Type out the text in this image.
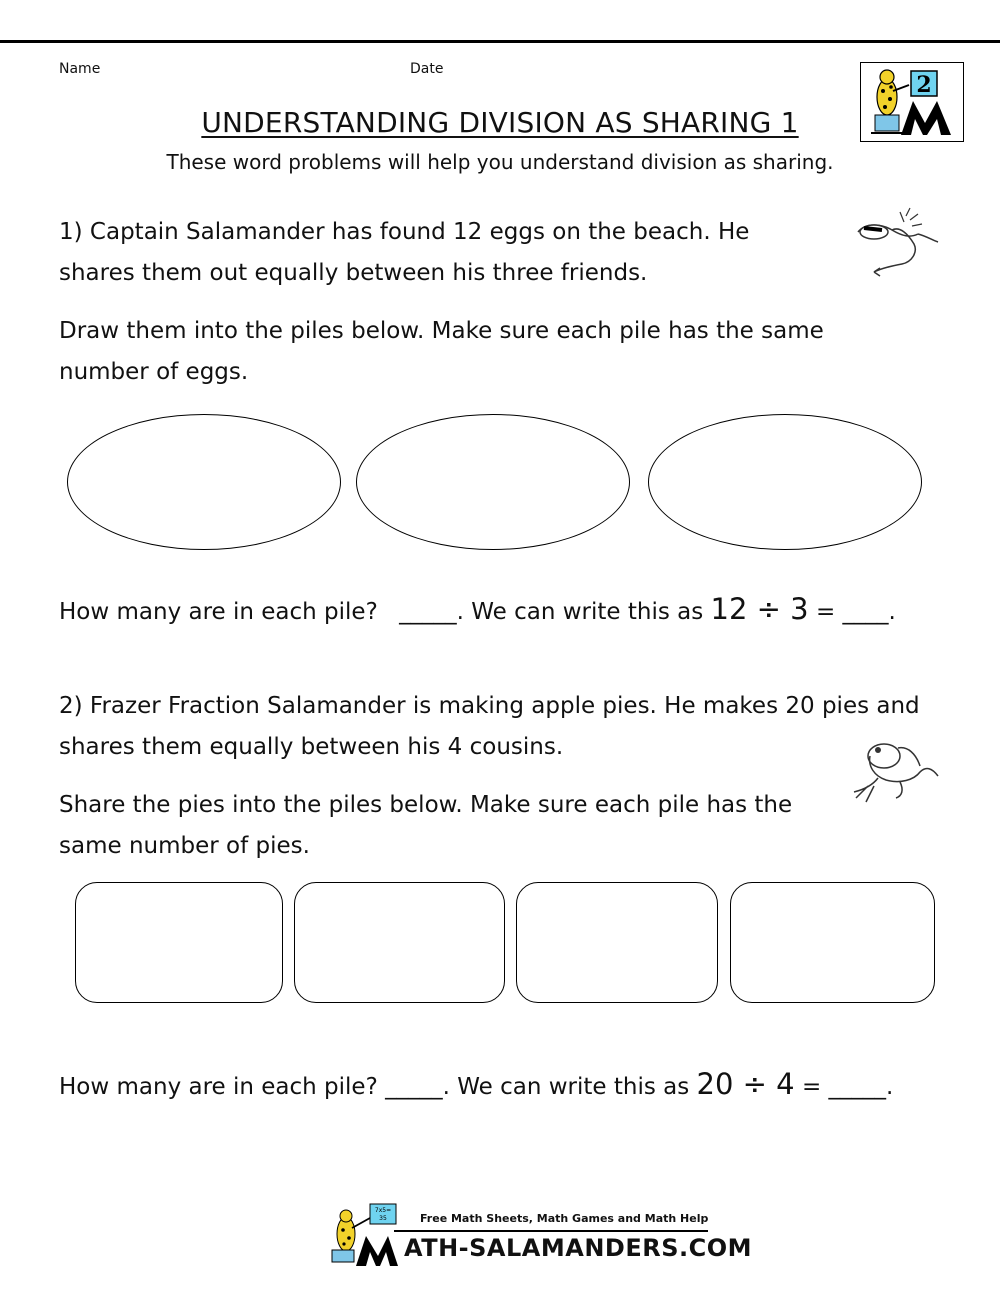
Name	Date
2
UNDERSTANDING DIVISION AS SHARING 1
These word problems will help you understand division as sharing.
1) Captain Salamander has found 12 eggs on the beach. He
shares them out equally between his three friends.
Draw them into the piles below. Make sure each pile has the same
number of eggs.
How many are in each pile? _____. We can write this as 12 ÷ 3 = ____.
2) Frazer Fraction Salamander is making apple pies. He makes 20 pies and
shares them equally between his 4 cousins.
Share the pies into the piles below. Make sure each pile has the
same number of pies.
How many are in each pile? _____. We can write this as 20 ÷ 4 = _____.
7x5=
35	Free Math Sheets, Math Games and Math Help
ATH-SALAMANDERS.COM
